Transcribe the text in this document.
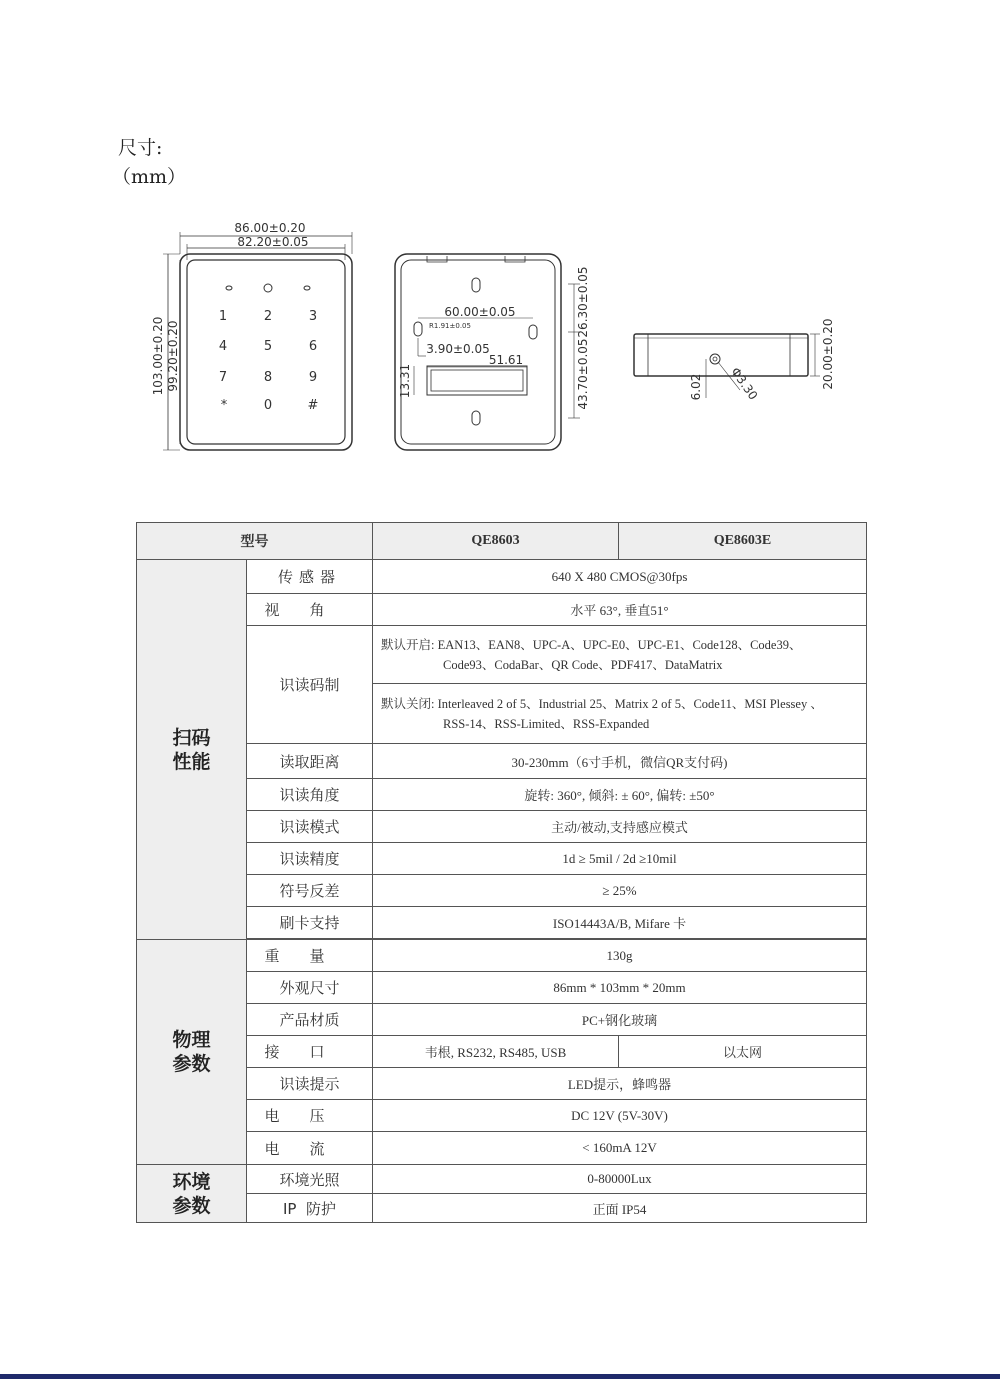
尺寸:
（mm）
86.00±0.20
82.20±0.05
103.00±0.20 99.20±0.20
1	2	3
4	5	6
7	8	9
*	0	#
60.00±0.05
R1.91±0.05
3.90±0.05
51.61
13.31
26.30±0.05
43.70±0.05	20.00±0.20
6.02 Φ3.30
型号		QE8603	QE8603E
扫码
性能	传感器	640 X 480 CMOS@30fps	
	视角	水平 63°, 垂直51°	
	识读码制	默认开启: EAN13、EAN8、UPC-A、UPC-E0、UPC-E1、Code128、Code39、
Code93、CodaBar、QR Code、PDF417、DataMatrix	

		默认关闭: Interleaved 2 of 5、Industrial 25、Matrix 2 of 5、Code11、MSI Plessey 、
RSS-14、RSS-Limited、RSS-Expanded	

	读取距离	30-230mm（6寸手机，微信QR支付码)	
	识读角度	旋转: 360°, 倾斜: ± 60°, 偏转: ±50°	
	识读模式	主动/被动,支持感应模式	
	识读精度	1d ≥ 5mil / 2d ≥10mil	
	符号反差	≥ 25%	
	刷卡支持	ISO14443A/B, Mifare 卡	

物理
参数	重量	130g	
	外观尺寸	86mm * 103mm * 20mm	
	产品材质	PC+钢化玻璃	
	接口	韦根, RS232, RS485, USB	以太网
	识读提示	LED提示，蜂鸣器	
	电压	DC 12V (5V-30V)	
	电流	< 160mA 12V	
环境
参数	环境光照	0-80000Lux	
	IP  防护	正面 IP54	
